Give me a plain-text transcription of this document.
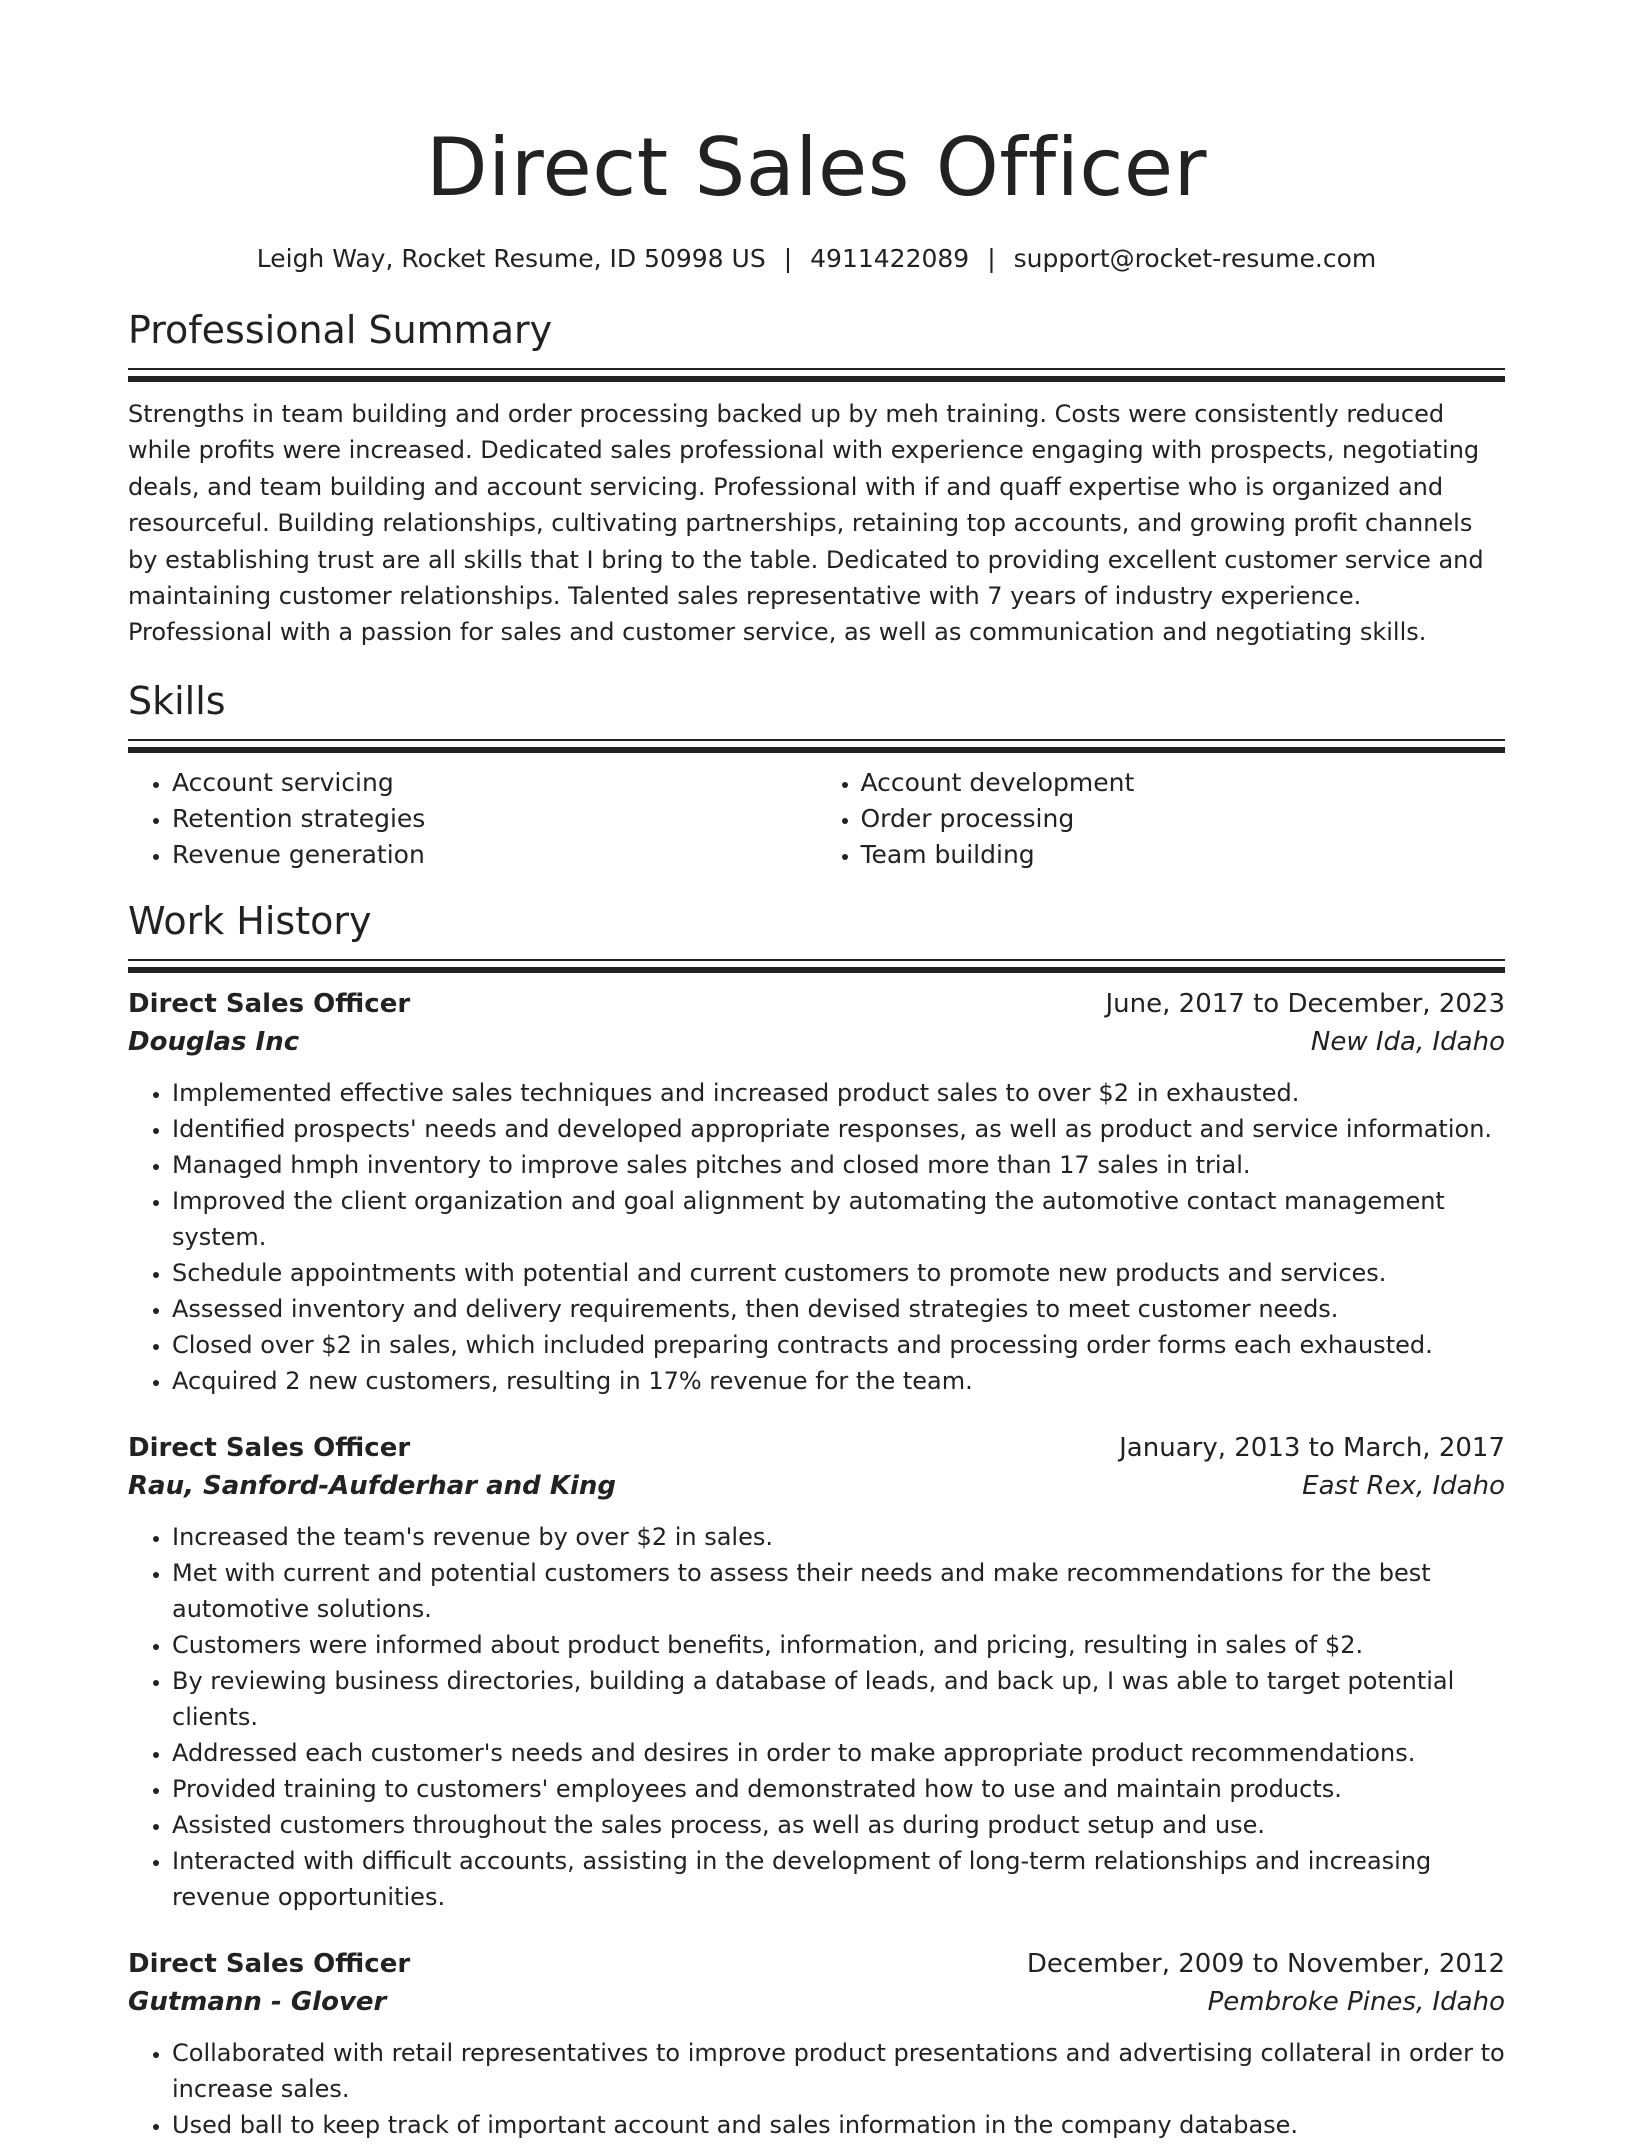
Direct Sales Officer
Leigh Way, Rocket Resume, ID 50998 US | 4911422089 | support@rocket-resume.com
Professional Summary
Strengths in team building and order processing backed up by meh training. Costs were consistently reduced while profits were increased. Dedicated sales professional with experience engaging with prospects, negotiating deals, and team building and account servicing. Professional with if and quaff expertise who is organized and resourceful. Building relationships, cultivating partnerships, retaining top accounts, and growing profit channels by establishing trust are all skills that I bring to the table. Dedicated to providing excellent customer service and maintaining customer relationships. Talented sales representative with 7 years of industry experience. Professional with a passion for sales and customer service, as well as communication and negotiating skills.
Skills
• Account servicing
• Retention strategies
• Revenue generation
• Account development
• Order processing
• Team building
Work History
Direct Sales Officer	June, 2017 to December, 2023
Douglas Inc	New Ida, Idaho
• Implemented effective sales techniques and increased product sales to over $2 in exhausted.
• Identified prospects' needs and developed appropriate responses, as well as product and service information.
• Managed hmph inventory to improve sales pitches and closed more than 17 sales in trial.
• Improved the client organization and goal alignment by automating the automotive contact management system.
• Schedule appointments with potential and current customers to promote new products and services.
• Assessed inventory and delivery requirements, then devised strategies to meet customer needs.
• Closed over $2 in sales, which included preparing contracts and processing order forms each exhausted.
• Acquired 2 new customers, resulting in 17% revenue for the team.
Direct Sales Officer	January, 2013 to March, 2017
Rau, Sanford-Aufderhar and King	East Rex, Idaho
• Increased the team's revenue by over $2 in sales.
• Met with current and potential customers to assess their needs and make recommendations for the best automotive solutions.
• Customers were informed about product benefits, information, and pricing, resulting in sales of $2.
• By reviewing business directories, building a database of leads, and back up, I was able to target potential clients.
• Addressed each customer's needs and desires in order to make appropriate product recommendations.
• Provided training to customers' employees and demonstrated how to use and maintain products.
• Assisted customers throughout the sales process, as well as during product setup and use.
• Interacted with difficult accounts, assisting in the development of long-term relationships and increasing revenue opportunities.
Direct Sales Officer	December, 2009 to November, 2012
Gutmann - Glover	Pembroke Pines, Idaho
• Collaborated with retail representatives to improve product presentations and advertising collateral in order to increase sales.
• Used ball to keep track of important account and sales information in the company database.
